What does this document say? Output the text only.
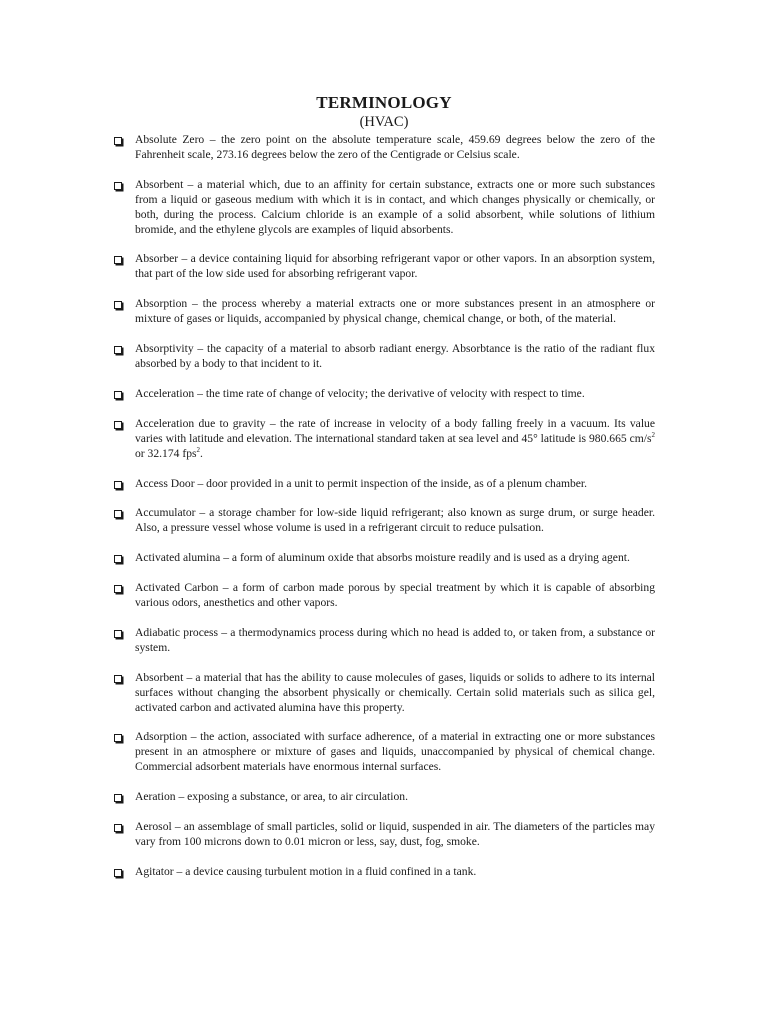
TERMINOLOGY
(HVAC)
Absolute Zero – the zero point on the absolute temperature scale, 459.69 degrees below the zero of the Fahrenheit scale, 273.16 degrees below the zero of the Centigrade or Celsius scale.
Absorbent – a material which, due to an affinity for certain substance, extracts one or more such substances from a liquid or gaseous medium with which it is in contact, and which changes physically or chemically, or both, during the process. Calcium chloride is an example of a solid absorbent, while solutions of lithium bromide, and the ethylene glycols are examples of liquid absorbents.
Absorber – a device containing liquid for absorbing refrigerant vapor or other vapors. In an absorption system, that part of the low side used for absorbing refrigerant vapor.
Absorption – the process whereby a material extracts one or more substances present in an atmosphere or mixture of gases or liquids, accompanied by physical change, chemical change, or both, of the material.
Absorptivity – the capacity of a material to absorb radiant energy. Absorbtance is the ratio of the radiant flux absorbed by a body to that incident to it.
Acceleration – the time rate of change of velocity; the derivative of velocity with respect to time.
Acceleration due to gravity – the rate of increase in velocity of a body falling freely in a vacuum. Its value varies with latitude and elevation. The international standard taken at sea level and 45° latitude is 980.665 $cm/s^2$ or 32.174 fps$^2$.
Access Door – door provided in a unit to permit inspection of the inside, as of a plenum chamber.
Accumulator – a storage chamber for low-side liquid refrigerant; also known as surge drum, or surge header. Also, a pressure vessel whose volume is used in a refrigerant circuit to reduce pulsation.
Activated alumina – a form of aluminum oxide that absorbs moisture readily and is used as a drying agent.
Activated Carbon – a form of carbon made porous by special treatment by which it is capable of absorbing various odors, anesthetics and other vapors.
Adiabatic process – a thermodynamics process during which no head is added to, or taken from, a substance or system.
Absorbent – a material that has the ability to cause molecules of gases, liquids or solids to adhere to its internal surfaces without changing the absorbent physically or chemically. Certain solid materials such as silica gel, activated carbon and activated alumina have this property.
Adsorption – the action, associated with surface adherence, of a material in extracting one or more substances present in an atmosphere or mixture of gases and liquids, unaccompanied by physical of chemical change. Commercial adsorbent materials have enormous internal surfaces.
Aeration – exposing a substance, or area, to air circulation.
Aerosol – an assemblage of small particles, solid or liquid, suspended in air. The diameters of the particles may vary from 100 microns down to 0.01 micron or less, say, dust, fog, smoke.
Agitator – a device causing turbulent motion in a fluid confined in a tank.
